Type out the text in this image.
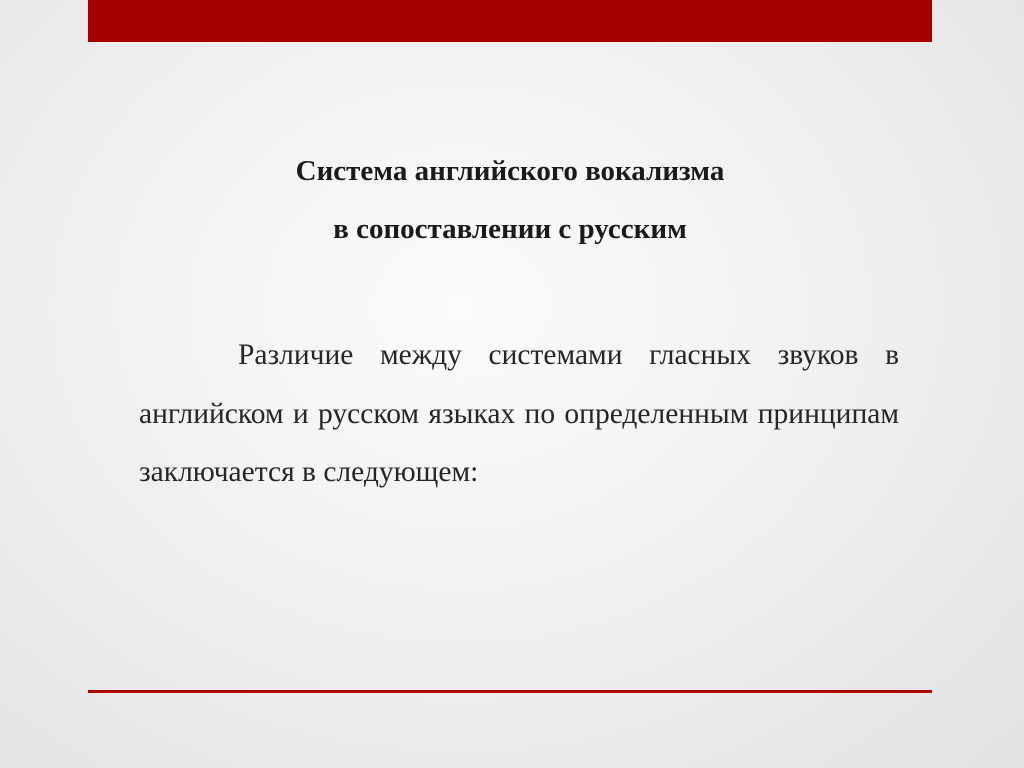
Система английского вокализма
в сопоставлении с русским

Различие между системами гласных звуков в английском и русском языках по определенным принципам заключается в следующем:
